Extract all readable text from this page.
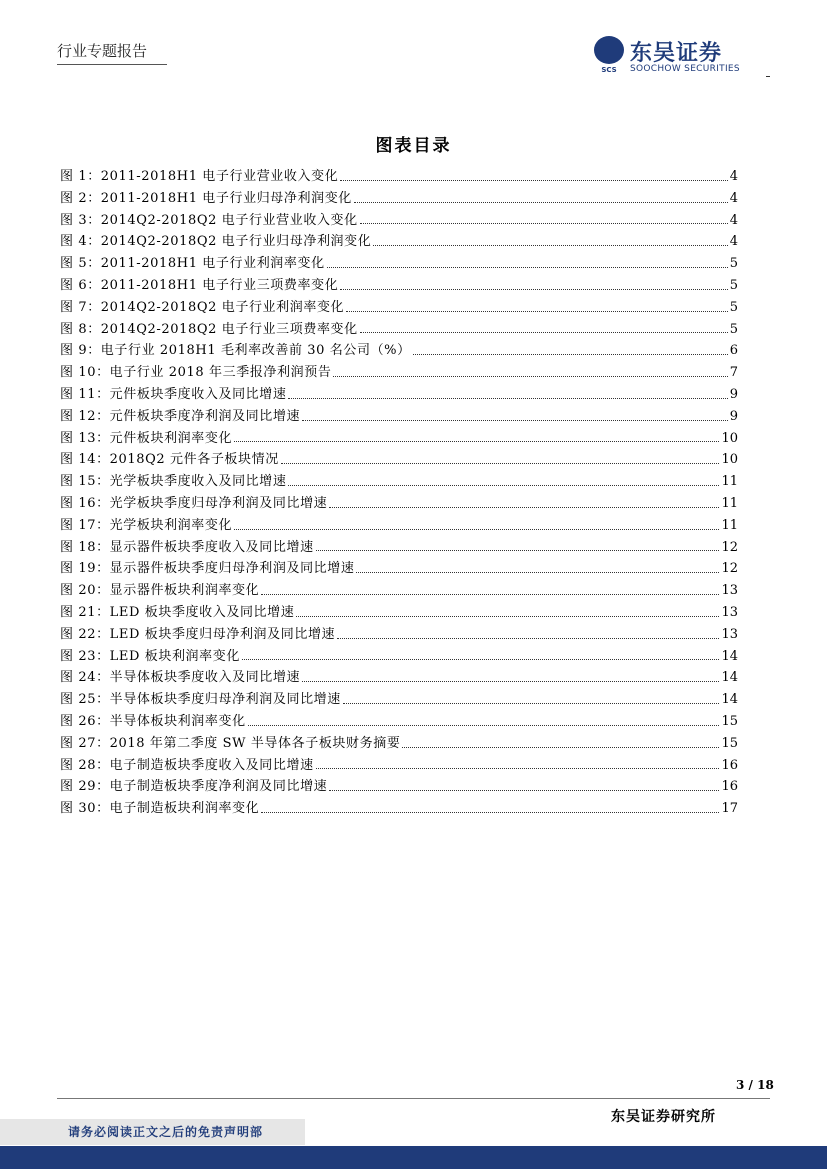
行业专题报告
SCS
东吴证券
SOOCHOW SECURITIES
图表目录
图 1：2011-2018H1 电子行业营业收入变化	4
图 2：2011-2018H1 电子行业归母净利润变化	4
图 3：2014Q2-2018Q2 电子行业营业收入变化	4
图 4：2014Q2-2018Q2 电子行业归母净利润变化	4
图 5：2011-2018H1 电子行业利润率变化	5
图 6：2011-2018H1 电子行业三项费率变化	5
图 7：2014Q2-2018Q2 电子行业利润率变化	5
图 8：2014Q2-2018Q2 电子行业三项费率变化	5
图 9：电子行业 2018H1 毛利率改善前 30 名公司（%）	6
图 10：电子行业 2018 年三季报净利润预告	7
图 11：元件板块季度收入及同比增速	9
图 12：元件板块季度净利润及同比增速	9
图 13：元件板块利润率变化	10
图 14：2018Q2 元件各子板块情况	10
图 15：光学板块季度收入及同比增速	11
图 16：光学板块季度归母净利润及同比增速	11
图 17：光学板块利润率变化	11
图 18：显示器件板块季度收入及同比增速	12
图 19：显示器件板块季度归母净利润及同比增速	12
图 20：显示器件板块利润率变化	13
图 21：LED 板块季度收入及同比增速	13
图 22：LED 板块季度归母净利润及同比增速	13
图 23：LED 板块利润率变化	14
图 24：半导体板块季度收入及同比增速	14
图 25：半导体板块季度归母净利润及同比增速	14
图 26：半导体板块利润率变化	15
图 27：2018 年第二季度 SW 半导体各子板块财务摘要	15
图 28：电子制造板块季度收入及同比增速	16
图 29：电子制造板块季度净利润及同比增速	16
图 30：电子制造板块利润率变化	17
3 / 18
东吴证券研究所
请务必阅读正文之后的免责声明部
